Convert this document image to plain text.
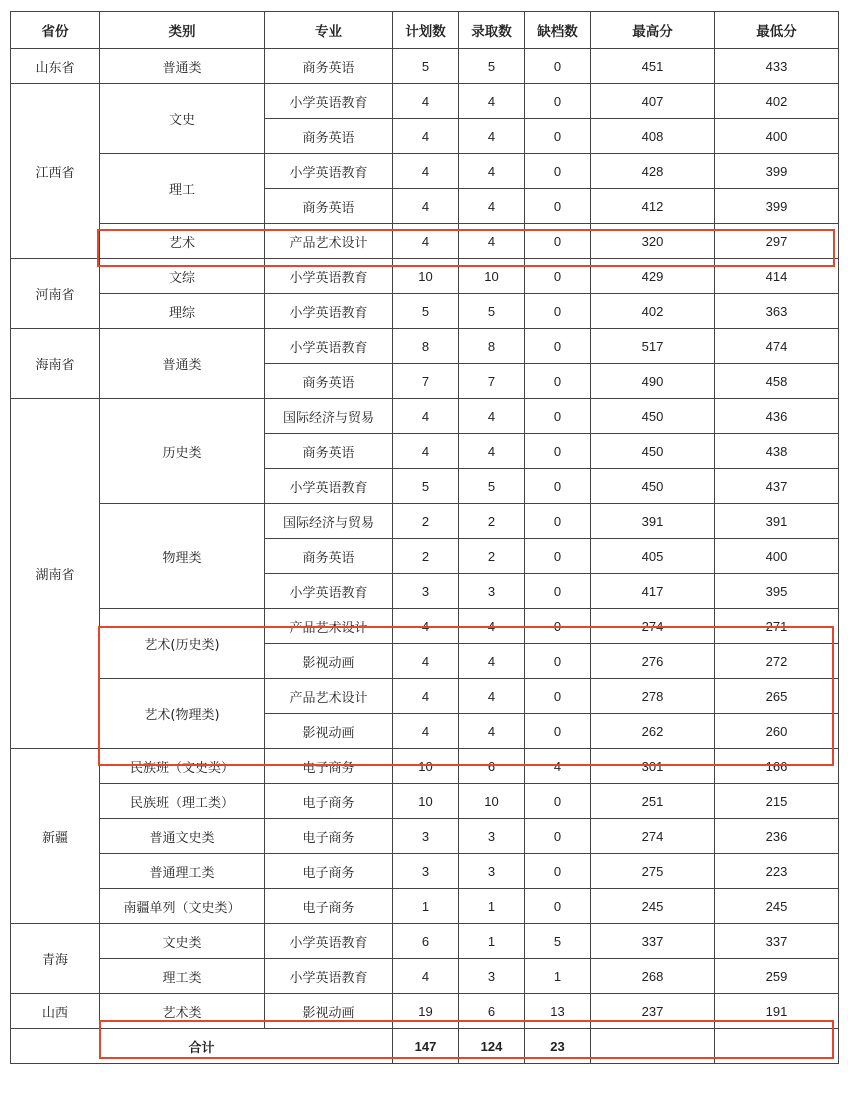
省份	类别	专业	计划数	录取数	缺档数	最高分	最低分
山东省	普通类	商务英语	5	5	0	451	433
江西省	文史	小学英语教育	4	4	0	407	402
		商务英语	4	4	0	408	400
	理工	小学英语教育	4	4	0	428	399
		商务英语	4	4	0	412	399
	艺术	产品艺术设计	4	4	0	320	297
河南省	文综	小学英语教育	10	10	0	429	414
	理综	小学英语教育	5	5	0	402	363
海南省	普通类	小学英语教育	8	8	0	517	474
		商务英语	7	7	0	490	458
湖南省	历史类	国际经济与贸易	4	4	0	450	436
		商务英语	4	4	0	450	438
		小学英语教育	5	5	0	450	437
	物理类	国际经济与贸易	2	2	0	391	391
		商务英语	2	2	0	405	400
		小学英语教育	3	3	0	417	395
	艺术(历史类)	产品艺术设计	4	4	0	274	271
		影视动画	4	4	0	276	272
	艺术(物理类)	产品艺术设计	4	4	0	278	265
		影视动画	4	4	0	262	260
新疆	民族班（文史类）	电子商务	10	6	4	301	166
	民族班（理工类）	电子商务	10	10	0	251	215
	普通文史类	电子商务	3	3	0	274	236
	普通理工类	电子商务	3	3	0	275	223
	南疆单列（文史类）	电子商务	1	1	0	245	245
青海	文史类	小学英语教育	6	1	5	337	337
	理工类	小学英语教育	4	3	1	268	259
山西	艺术类	影视动画	19	6	13	237	191
合计			147	124	23		
